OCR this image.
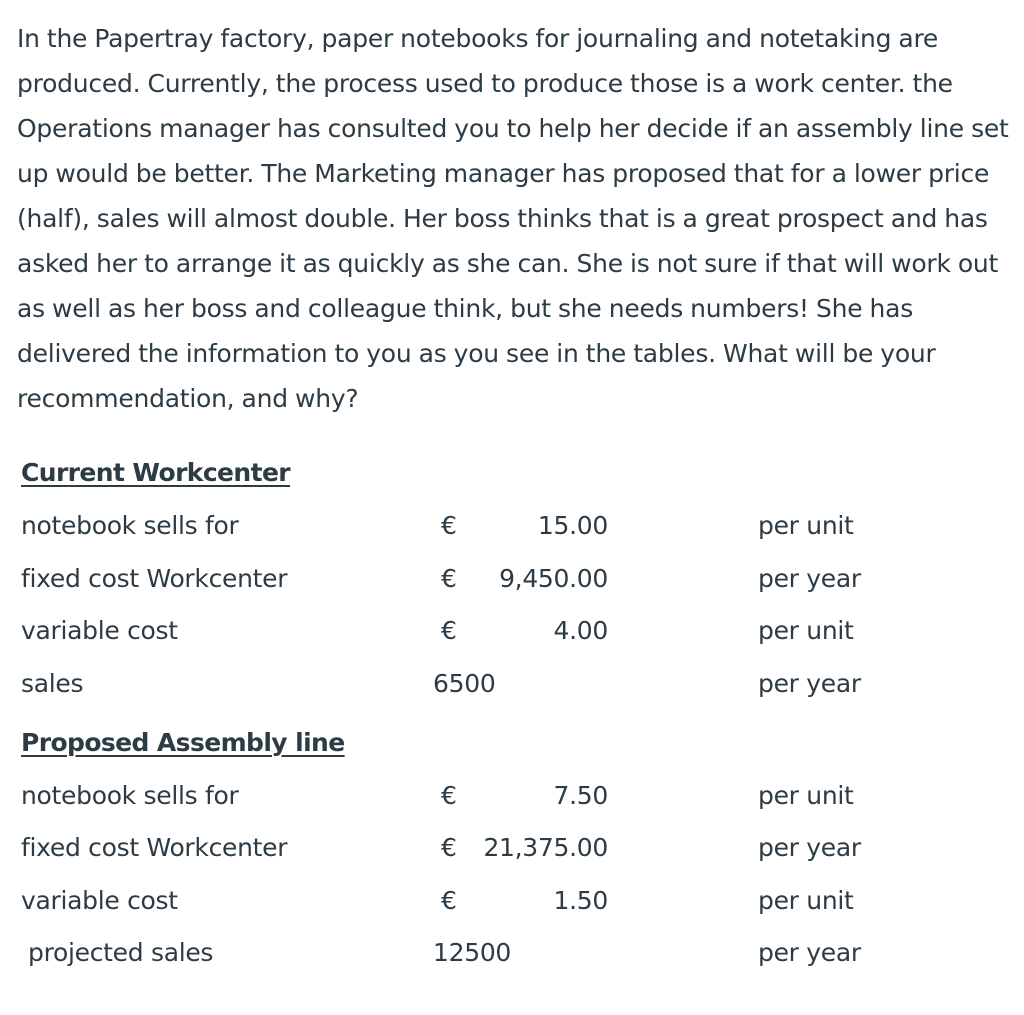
In the Papertray factory, paper notebooks for journaling and notetaking are produced. Currently, the process used to produce those is a work center. the Operations manager has consulted you to help her decide if an assembly line set up would be better. The Marketing manager has proposed that for a lower price (half), sales will almost double. Her boss thinks that is a great prospect and has asked her to arrange it as quickly as she can. She is not sure if that will work out as well as her boss and colleague think, but she needs numbers! She has delivered the information to you as you see in the tables. What will be your recommendation, and why?

Current Workcenter
notebook sells for	€	15.00	per unit
fixed cost Workcenter	€	9,450.00	per year
variable cost	€	4.00	per unit
sales	6500	per year
Proposed Assembly line
notebook sells for	€	7.50	per unit
fixed cost Workcenter	€	21,375.00	per year
variable cost	€	1.50	per unit
projected sales	12500	per year
